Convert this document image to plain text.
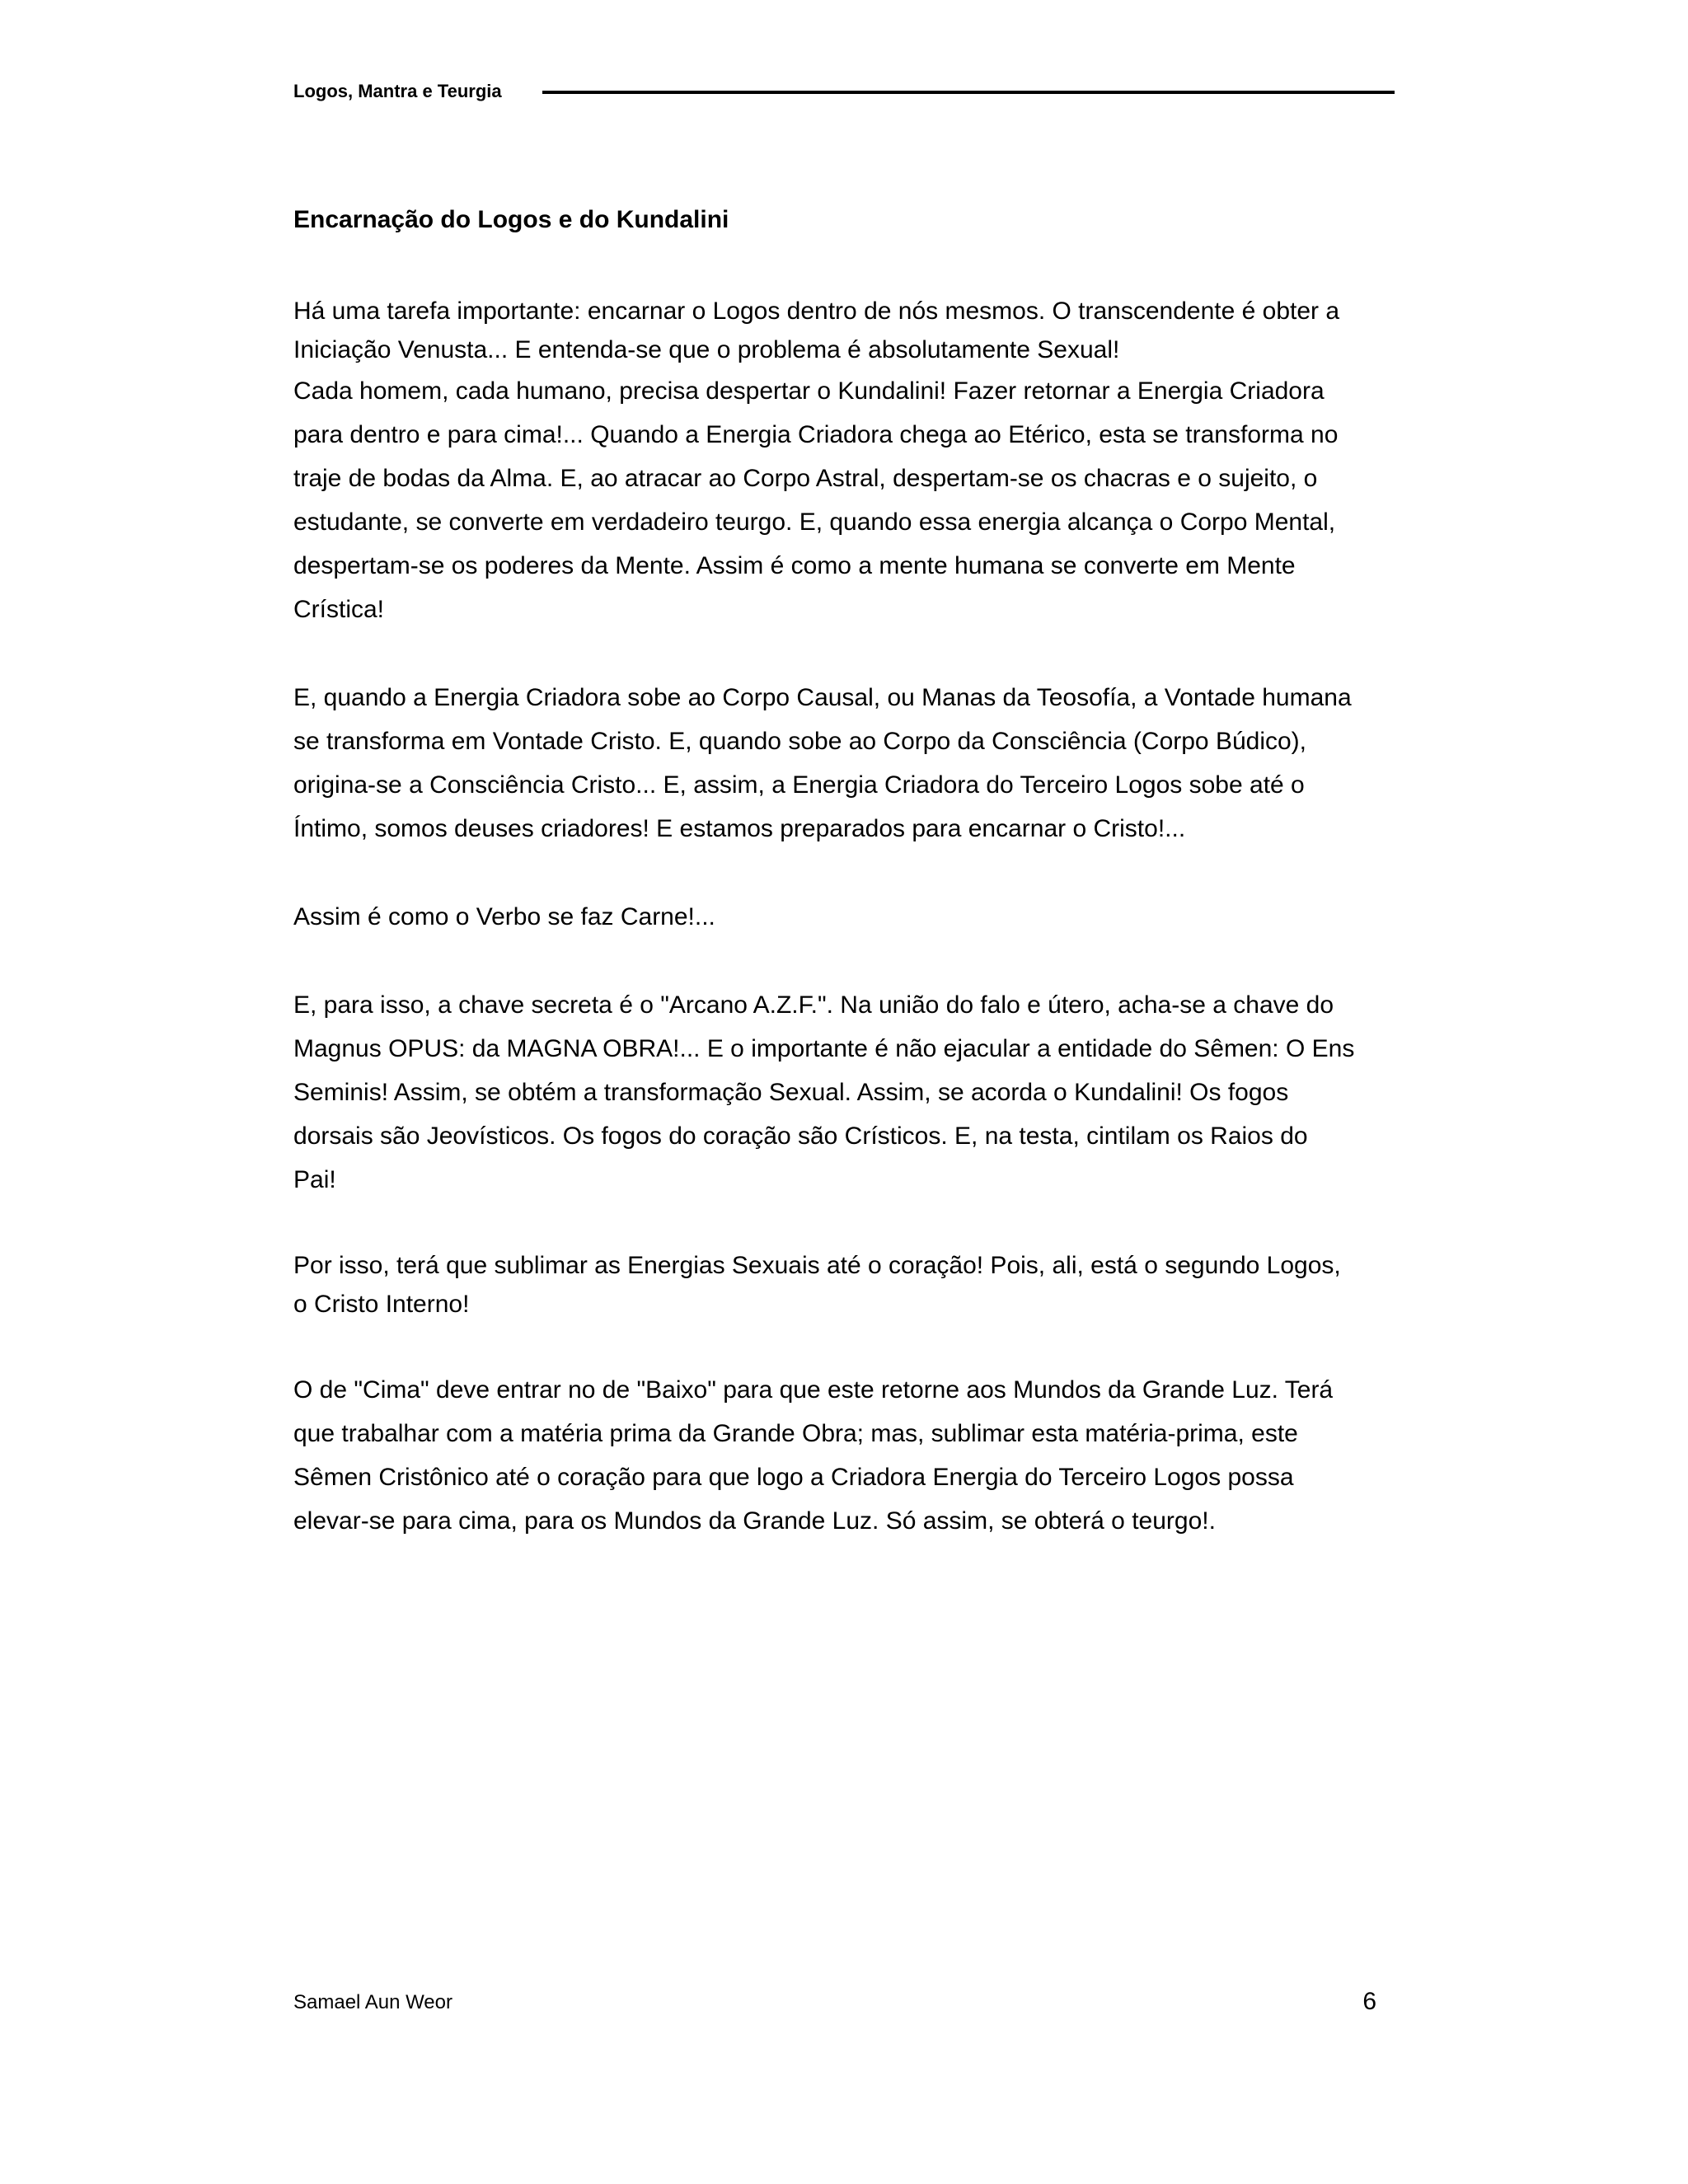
Logos, Mantra e Teurgia
Encarnação do Logos e do Kundalini

Há uma tarefa importante: encarnar o Logos dentro de nós mesmos. O transcendente é obter a Iniciação Venusta... E entenda-se que o problema é absolutamente Sexual!

Cada homem, cada humano, precisa despertar o Kundalini! Fazer retornar a Energia Criadora para dentro e para cima!... Quando a Energia Criadora chega ao Etérico, esta se transforma no traje de bodas da Alma. E, ao atracar ao Corpo Astral, despertam-se os chacras e o sujeito, o estudante, se converte em verdadeiro teurgo. E, quando essa energia alcança o Corpo Mental, despertam-se os poderes da Mente. Assim é como a mente humana se converte em Mente Crística!

E, quando a Energia Criadora sobe ao Corpo Causal, ou Manas da Teosofía, a Vontade humana se transforma em Vontade Cristo. E, quando sobe ao Corpo da Consciência (Corpo Búdico), origina-se a Consciência Cristo... E, assim, a Energia Criadora do Terceiro Logos sobe até o Íntimo, somos deuses criadores! E estamos preparados para encarnar o Cristo!...

Assim é como o Verbo se faz Carne!...

E, para isso, a chave secreta é o "Arcano A.Z.F.". Na união do falo e útero, acha-se a chave do Magnus OPUS: da MAGNA OBRA!... E o importante é não ejacular a entidade do Sêmen: O Ens Seminis! Assim, se obtém a transformação Sexual. Assim, se acorda o Kundalini! Os fogos dorsais são Jeovísticos. Os fogos do coração são Crísticos. E, na testa, cintilam os Raios do Pai!

Por isso, terá que sublimar as Energias Sexuais até o coração! Pois, ali, está o segundo Logos, o Cristo Interno!

O de "Cima" deve entrar no de "Baixo" para que este retorne aos Mundos da Grande Luz. Terá que trabalhar com a matéria prima da Grande Obra; mas, sublimar esta matéria-prima, este Sêmen Cristônico até o coração para que logo a Criadora Energia do Terceiro Logos possa elevar-se para cima, para os Mundos da Grande Luz. Só assim, se obterá o teurgo!.

Samael Aun Weor	6
